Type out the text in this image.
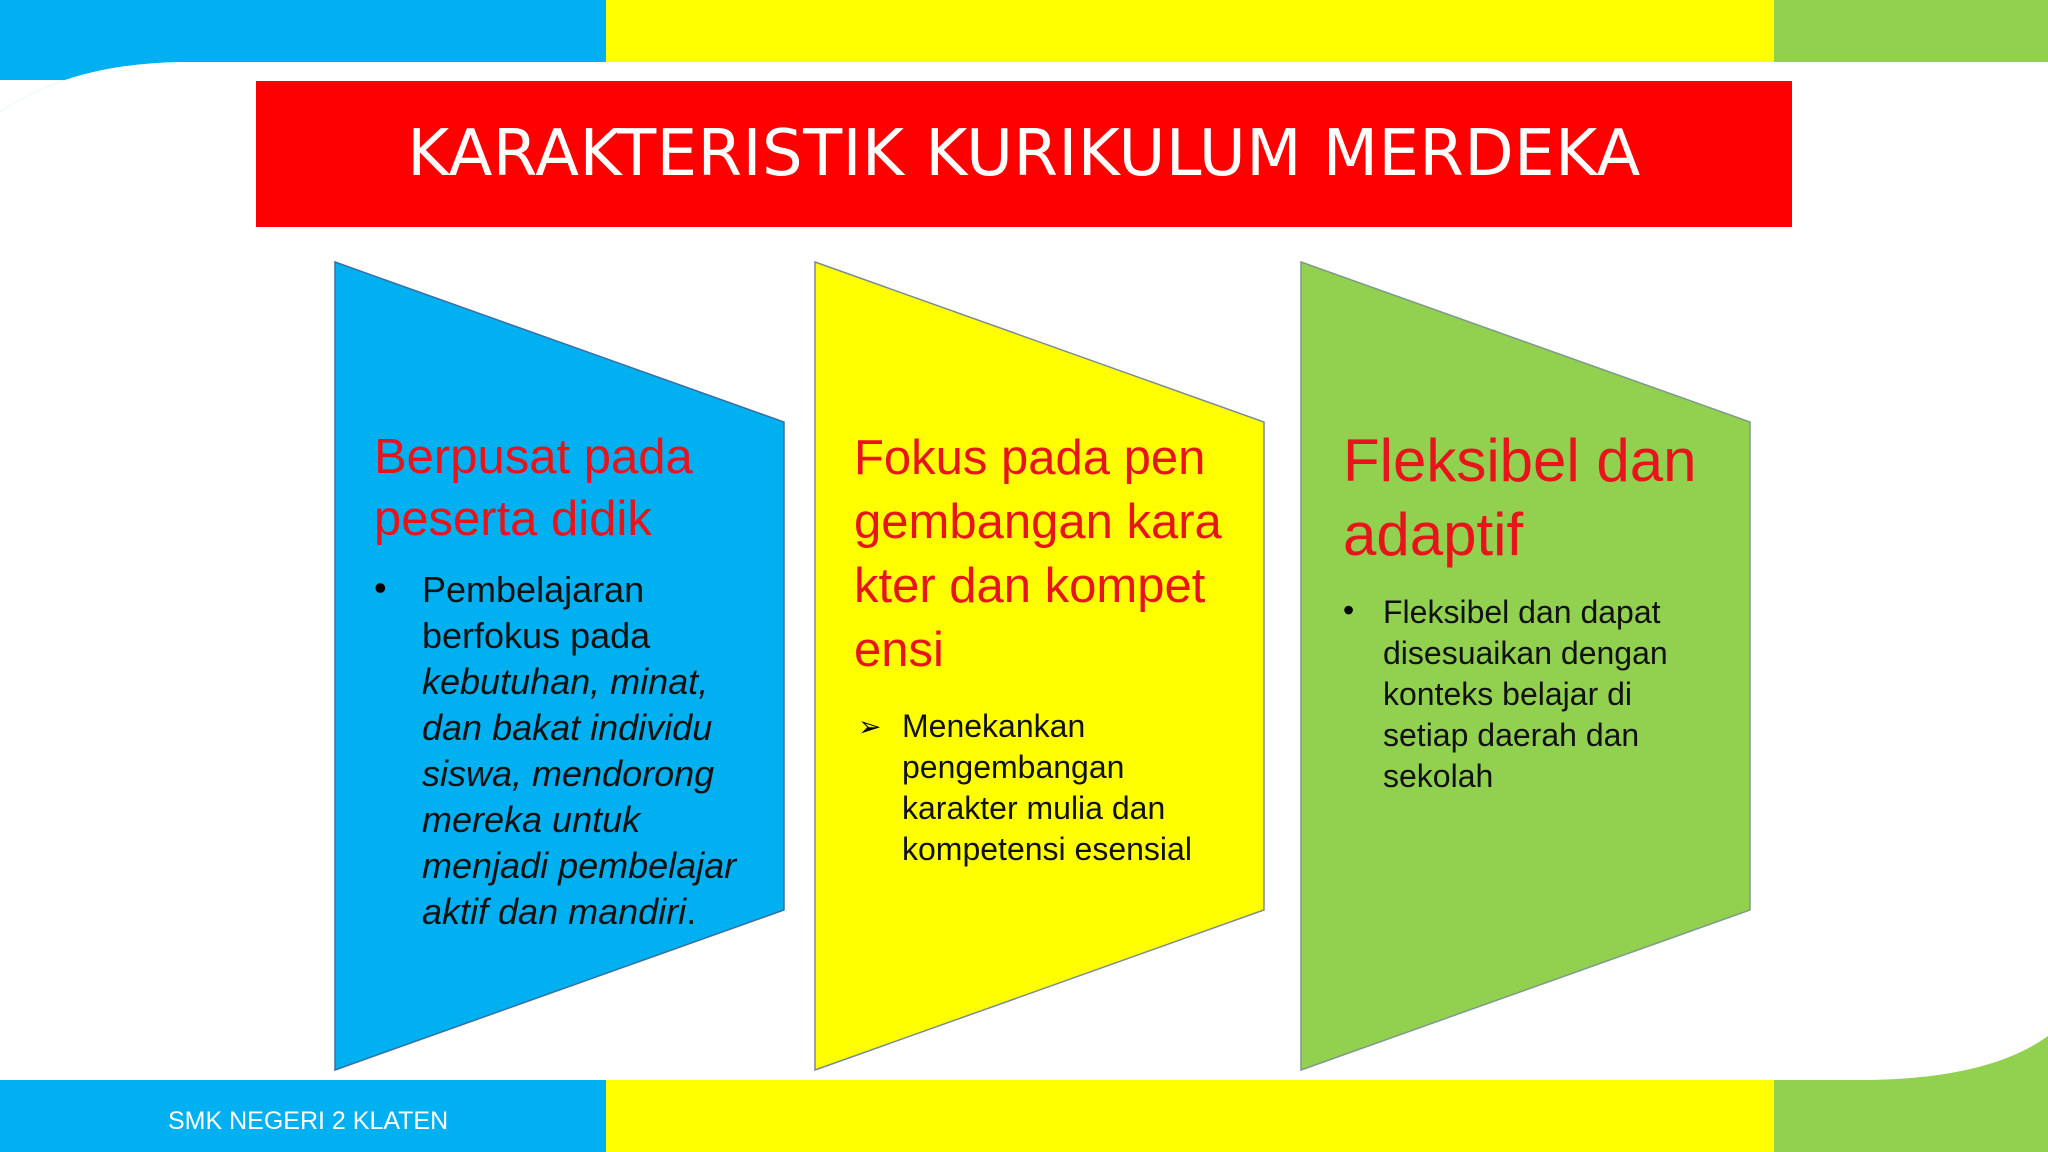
KARAKTERISTIK KURIKULUM MERDEKA
Berpusat pada peserta didik
• Pembelajaran berfokus pada kebutuhan, minat, dan bakat individu siswa, mendorong mereka untuk menjadi pembelajar aktif dan mandiri.
Fokus pada pengembangan karakter dan kompetensi
➢ Menekankan pengembangan karakter mulia dan kompetensi esensial
Fleksibel dan adaptif
• Fleksibel dan dapat disesuaikan dengan konteks belajar di setiap daerah dan sekolah
SMK NEGERI 2 KLATEN
